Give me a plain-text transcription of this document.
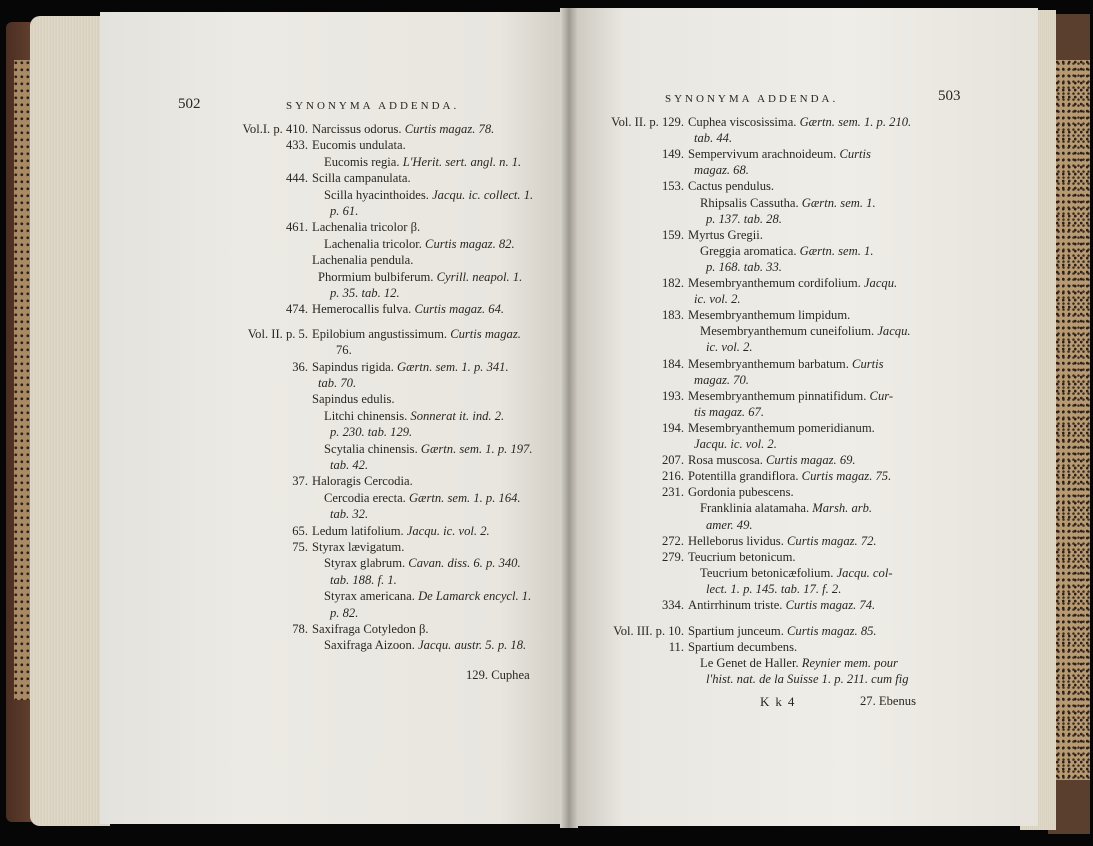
502	SYNONYMA ADDENDA.
SYNONYMA ADDENDA.	503
Vol.I. p. 410. Narcissus odorus. Curtis magaz. 78.
433. Eucomis undulata.
Eucomis regia. L'Herit. sert. angl. n. 1.
444. Scilla campanulata.
Scilla hyacinthoides. Jacqu. ic. collect. 1.
p. 61.
461. Lachenalia tricolor β.
Lachenalia tricolor. Curtis magaz. 82.
Lachenalia pendula.
Phormium bulbiferum. Cyrill. neapol. 1.
p. 35. tab. 12.
474. Hemerocallis fulva. Curtis magaz. 64.
Vol. II. p. 5. Epilobium angustissimum. Curtis magaz.
76.
36. Sapindus rigida. Gærtn. sem. 1. p. 341.
tab. 70.
Sapindus edulis.
Litchi chinensis. Sonnerat it. ind. 2.
p. 230. tab. 129.
Scytalia chinensis. Gærtn. sem. 1. p. 197.
tab. 42.
37. Haloragis Cercodia.
Cercodia erecta. Gærtn. sem. 1. p. 164.
tab. 32.
65. Ledum latifolium. Jacqu. ic. vol. 2.
75. Styrax lævigatum.
Styrax glabrum. Cavan. diss. 6. p. 340.
tab. 188. f. 1.
Styrax americana. De Lamarck encycl. 1.
p. 82.
78. Saxifraga Cotyledon β.
Saxifraga Aizoon. Jacqu. austr. 5. p. 18.
Vol. II. p. 129. Cuphea viscosissima. Gærtn. sem. 1. p. 210.
tab. 44.
149. Sempervivum arachnoideum. Curtis
magaz. 68.
153. Cactus pendulus.
Rhipsalis Cassutha. Gærtn. sem. 1.
p. 137. tab. 28.
159. Myrtus Gregii.
Greggia aromatica. Gærtn. sem. 1.
p. 168. tab. 33.
182. Mesembryanthemum cordifolium. Jacqu.
ic. vol. 2.
183. Mesembryanthemum limpidum.
Mesembryanthemum cuneifolium. Jacqu.
ic. vol. 2.
184. Mesembryanthemum barbatum. Curtis
magaz. 70.
193. Mesembryanthemum pinnatifidum. Cur-
tis magaz. 67.
194. Mesembryanthemum pomeridianum.
Jacqu. ic. vol. 2.
207. Rosa muscosa. Curtis magaz. 69.
216. Potentilla grandiflora. Curtis magaz. 75.
231. Gordonia pubescens.
Franklinia alatamaha. Marsh. arb.
amer. 49.
272. Helleborus lividus. Curtis magaz. 72.
279. Teucrium betonicum.
Teucrium betonicæfolium. Jacqu. col-
lect. 1. p. 145. tab. 17. f. 2.
334. Antirrhinum triste. Curtis magaz. 74.
Vol. III. p. 10. Spartium junceum. Curtis magaz. 85.
11. Spartium decumbens.
Le Genet de Haller. Reynier mem. pour
l'hist. nat. de la Suisse 1. p. 211. cum fig
129. Cuphea
Kk4	27. Ebenus
